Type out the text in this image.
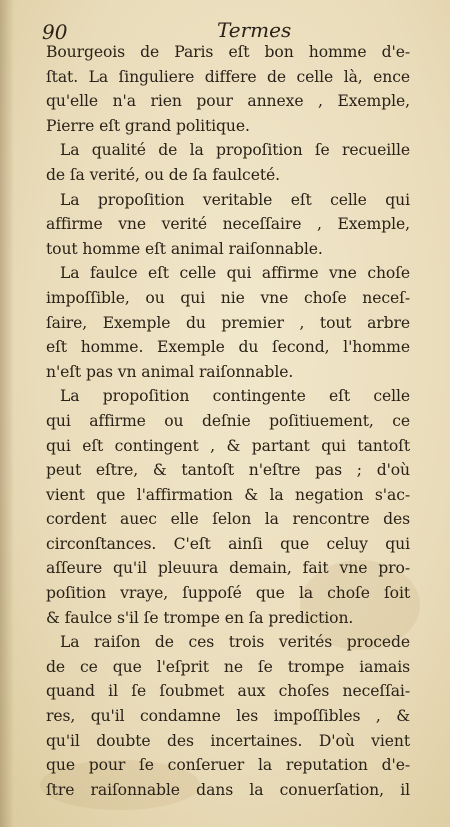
90	Termes
Bourgeois de Paris eſt bon homme d'e-
ſtat. La ſinguliere differe de celle là, ence
qu'elle n'a rien pour annexe , Exemple,
Pierre eſt grand politique.
La qualité de la propoſition ſe recueille
de ſa verité, ou de ſa faulceté.
La propoſition veritable eſt celle qui
affirme vne verité neceſſaire , Exemple,
tout homme eſt animal raiſonnable.
La faulce eſt celle qui affirme vne choſe
impoſſible, ou qui nie vne choſe neceſ-
ſaire, Exemple du premier , tout arbre
eſt homme. Exemple du ſecond, l'homme
n'eſt pas vn animal raiſonnable.
La propoſition contingente eſt celle
qui affirme ou deſnie poſitiuement, ce
qui eſt contingent , & partant qui tantoſt
peut eſtre, & tantoſt n'eſtre pas ; d'où
vient que l'affirmation & la negation s'ac-
cordent auec elle ſelon la rencontre des
circonſtances. C'eſt ainſi que celuy qui
aſſeure qu'il pleuura demain, fait vne pro-
poſition vraye, ſuppoſé que la choſe ſoit
& faulce s'il ſe trompe en ſa prediction.
La raiſon de ces trois verités procede
de ce que l'eſprit ne ſe trompe iamais
quand il ſe ſoubmet aux choſes neceſſai-
res, qu'il condamne les impoſſibles , &
qu'il doubte des incertaines. D'où vient
que pour ſe conſeruer la reputation d'e-
ſtre raiſonnable dans la conuerſation, il
